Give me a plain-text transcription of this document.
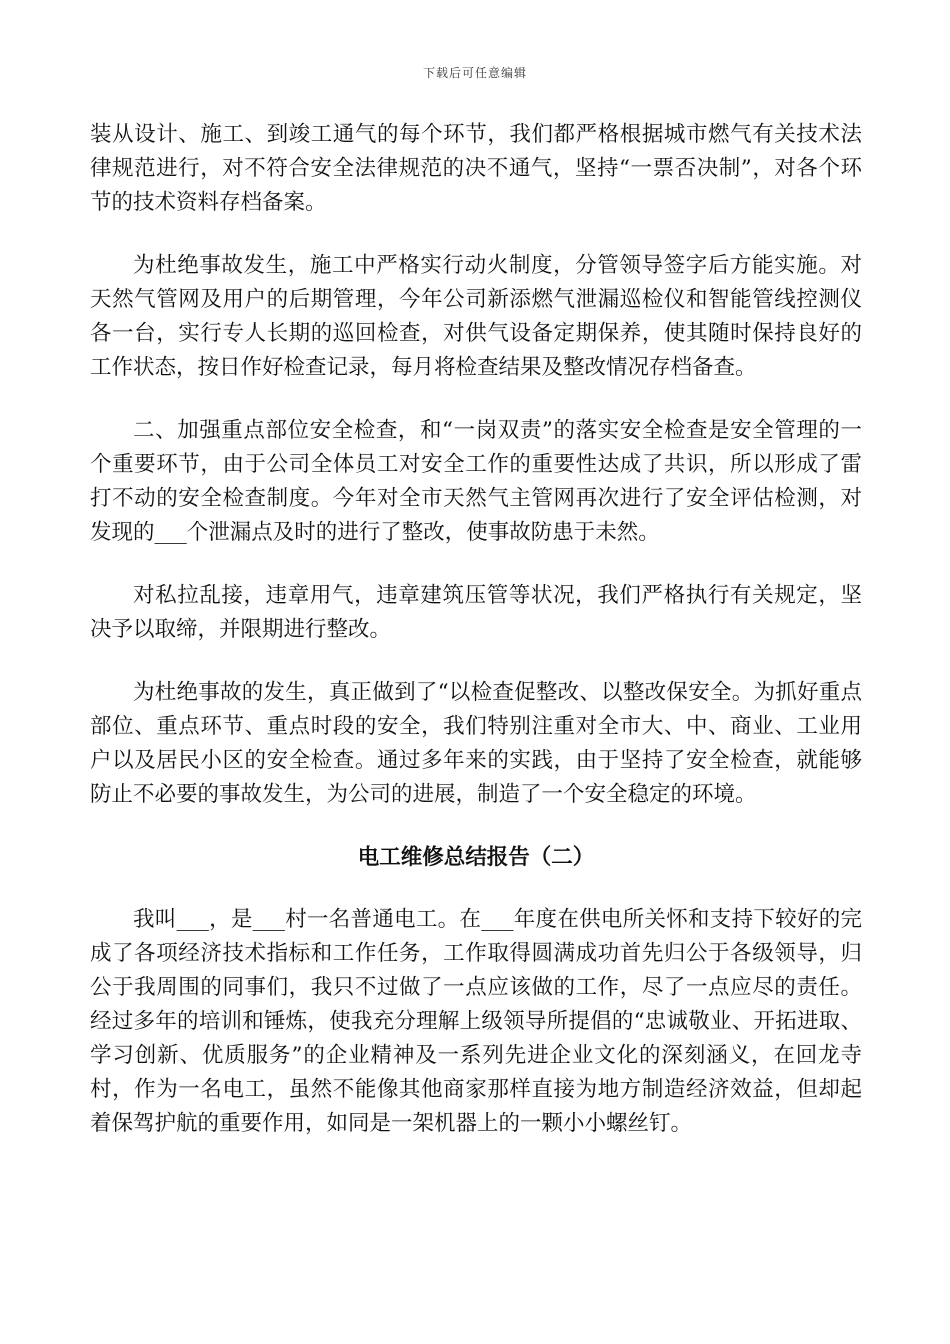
下载后可任意编辑

装从设计、施工、到竣工通气的每个环节，我们都严格根据城市燃气有关技术法律规范进行，对不符合安全法律规范的决不通气，坚持“一票否决制”，对各个环节的技术资料存档备案。

为杜绝事故发生，施工中严格实行动火制度，分管领导签字后方能实施。对天然气管网及用户的后期管理，今年公司新添燃气泄漏巡检仪和智能管线控测仪各一台，实行专人长期的巡回检查，对供气设备定期保养，使其随时保持良好的工作状态，按日作好检查记录，每月将检查结果及整改情况存档备查。

二、加强重点部位安全检查，和“一岗双责”的落实安全检查是安全管理的一个重要环节，由于公司全体员工对安全工作的重要性达成了共识，所以形成了雷打不动的安全检查制度。今年对全市天然气主管网再次进行了安全评估检测，对发现的___个泄漏点及时的进行了整改，使事故防患于未然。

对私拉乱接，违章用气，违章建筑压管等状况，我们严格执行有关规定，坚决予以取缔，并限期进行整改。

为杜绝事故的发生，真正做到了“以检查促整改、以整改保安全。为抓好重点部位、重点环节、重点时段的安全，我们特别注重对全市大、中、商业、工业用户以及居民小区的安全检查。通过多年来的实践，由于坚持了安全检查，就能够防止不必要的事故发生，为公司的进展，制造了一个安全稳定的环境。

电工维修总结报告（二）

我叫___，是___村一名普通电工。在___年度在供电所关怀和支持下较好的完成了各项经济技术指标和工作任务，工作取得圆满成功首先归公于各级领导，归公于我周围的同事们，我只不过做了一点应该做的工作，尽了一点应尽的责任。经过多年的培训和锤炼，使我充分理解上级领导所提倡的“忠诚敬业、开拓进取、学习创新、优质服务”的企业精神及一系列先进企业文化的深刻涵义，在回龙寺村，作为一名电工，虽然不能像其他商家那样直接为地方制造经济效益，但却起着保驾护航的重要作用，如同是一架机器上的一颗小小螺丝钉。
